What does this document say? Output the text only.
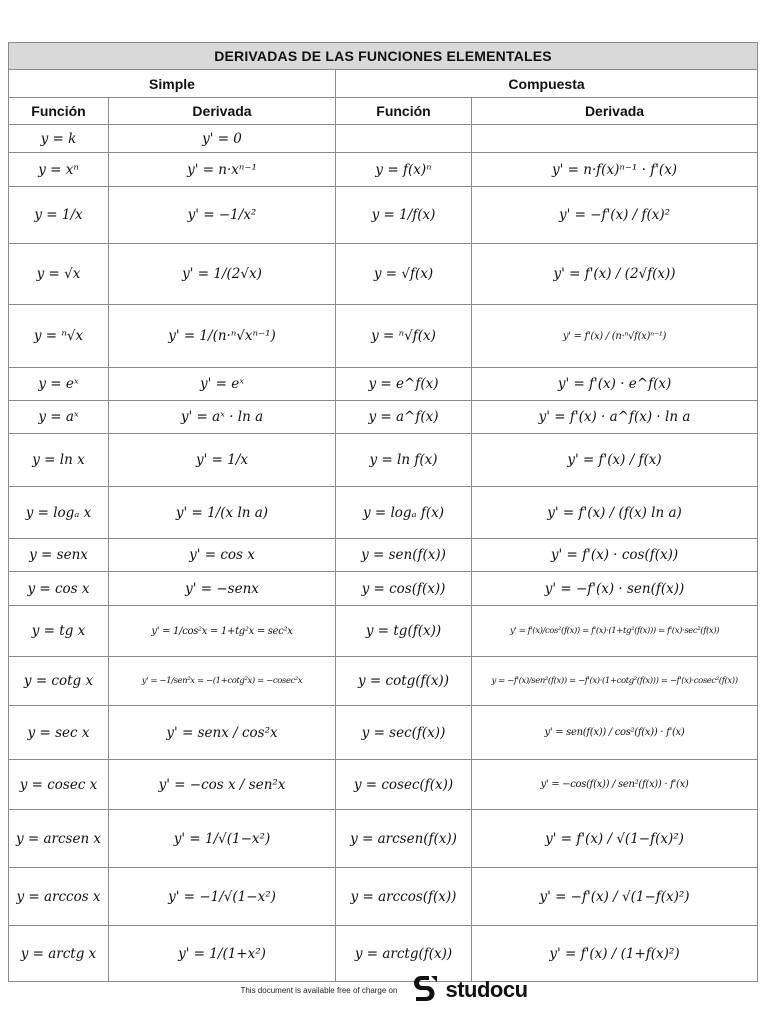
DERIVADAS DE LAS FUNCIONES ELEMENTALES			
Simple		Compuesta	
Función	Derivada	Función	Derivada
y = k	y' = 0		
y = xⁿ	y' = n·xⁿ⁻¹	y = f(x)ⁿ	y' = n·f(x)ⁿ⁻¹ · f'(x)
y = 1/x	y' = −1/x²	y = 1/f(x)	y' = −f'(x) / f(x)²
y = √x	y' = 1/(2√x)	y = √f(x)	y' = f'(x) / (2√f(x))
y = ⁿ√x	y' = 1/(n·ⁿ√xⁿ⁻¹)	y = ⁿ√f(x)	y' = f'(x) / (n·ⁿ√f(x)ⁿ⁻¹)
y = eˣ	y' = eˣ	y = e^f(x)	y' = f'(x) · e^f(x)
y = aˣ	y' = aˣ · ln a	y = a^f(x)	y' = f'(x) · a^f(x) · ln a
y = ln x	y' = 1/x	y = ln f(x)	y' = f'(x) / f(x)
y = logₐ x	y' = 1/(x ln a)	y = logₐ f(x)	y' = f'(x) / (f(x) ln a)
y = senx	y' = cos x	y = sen(f(x))	y' = f'(x) · cos(f(x))
y = cos x	y' = −senx	y = cos(f(x))	y' = −f'(x) · sen(f(x))
y = tg x	y' = 1/cos²x = 1+tg²x = sec²x	y = tg(f(x))	y' = f'(x)/cos²(f(x)) = f'(x)·(1+tg²(f(x))) = f'(x)·sec²(f(x))
y = cotg x	y' = −1/sen²x = −(1+cotg²x) = −cosec²x	y = cotg(f(x))	y = −f'(x)/sen²(f(x)) = −f'(x)·(1+cotg²(f(x))) = −f'(x)·cosec²(f(x))
y = sec x	y' = senx / cos²x	y = sec(f(x))	y' = sen(f(x)) / cos²(f(x)) · f'(x)
y = cosec x	y' = −cos x / sen²x	y = cosec(f(x))	y' = −cos(f(x)) / sen²(f(x)) · f'(x)
y = arcsen x	y' = 1/√(1−x²)	y = arcsen(f(x))	y' = f'(x) / √(1−f(x)²)
y = arccos x	y' = −1/√(1−x²)	y = arccos(f(x))	y' = −f'(x) / √(1−f(x)²)
y = arctg x	y' = 1/(1+x²)	y = arctg(f(x))	y' = f'(x) / (1+f(x)²)
This document is available free of charge on studocu
